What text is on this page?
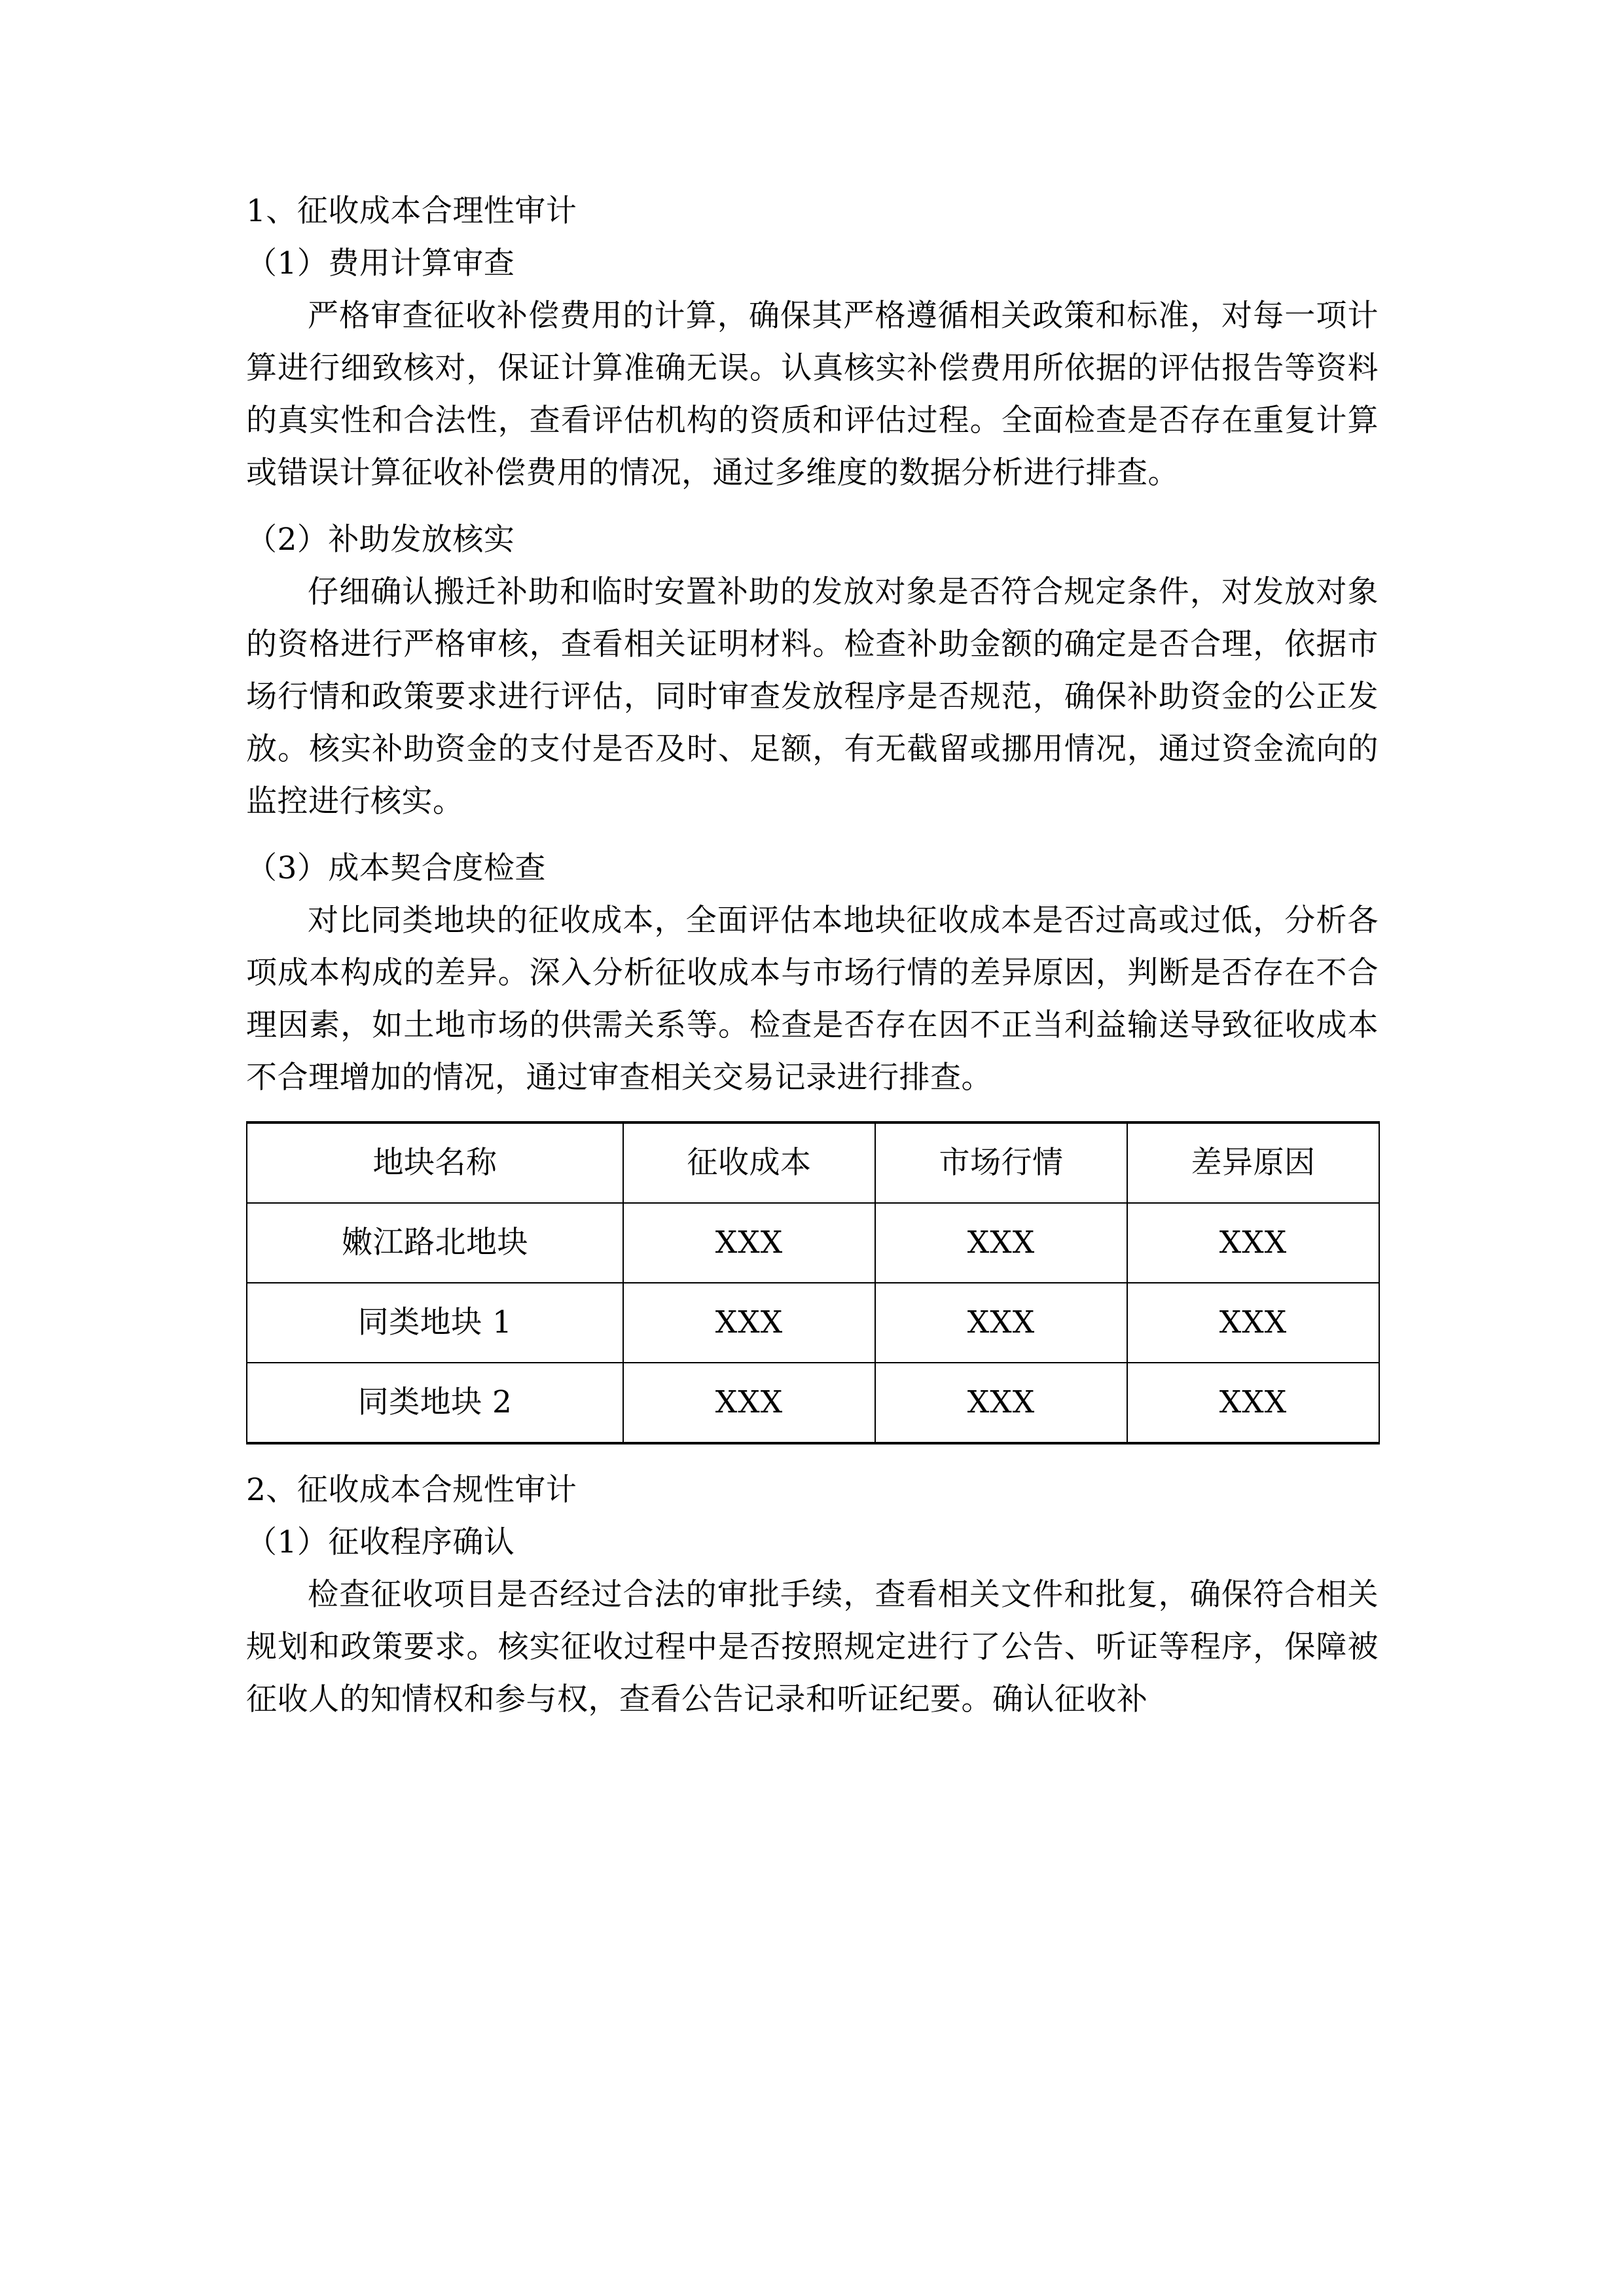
1、征收成本合理性审计

（1）费用计算审查

严格审查征收补偿费用的计算，确保其严格遵循相关政策和标准，对每一项计算进行细致核对，保证计算准确无误。认真核实补偿费用所依据的评估报告等资料的真实性和合法性，查看评估机构的资质和评估过程。全面检查是否存在重复计算或错误计算征收补偿费用的情况，通过多维度的数据分析进行排查。

（2）补助发放核实

仔细确认搬迁补助和临时安置补助的发放对象是否符合规定条件，对发放对象的资格进行严格审核，查看相关证明材料。检查补助金额的确定是否合理，依据市场行情和政策要求进行评估，同时审查发放程序是否规范，确保补助资金的公正发放。核实补助资金的支付是否及时、足额，有无截留或挪用情况，通过资金流向的监控进行核实。

（3）成本契合度检查

对比同类地块的征收成本，全面评估本地块征收成本是否过高或过低，分析各项成本构成的差异。深入分析征收成本与市场行情的差异原因，判断是否存在不合理因素，如土地市场的供需关系等。检查是否存在因不正当利益输送导致征收成本不合理增加的情况，通过审查相关交易记录进行排查。

地块名称	征收成本	市场行情	差异原因
嫩江路北地块	XXX	XXX	XXX
同类地块 1	XXX	XXX	XXX
同类地块 2	XXX	XXX	XXX

2、征收成本合规性审计

（1）征收程序确认

检查征收项目是否经过合法的审批手续，查看相关文件和批复，确保符合相关规划和政策要求。核实征收过程中是否按照规定进行了公告、听证等程序，保障被征收人的知情权和参与权，查看公告记录和听证纪要。确认征收补
